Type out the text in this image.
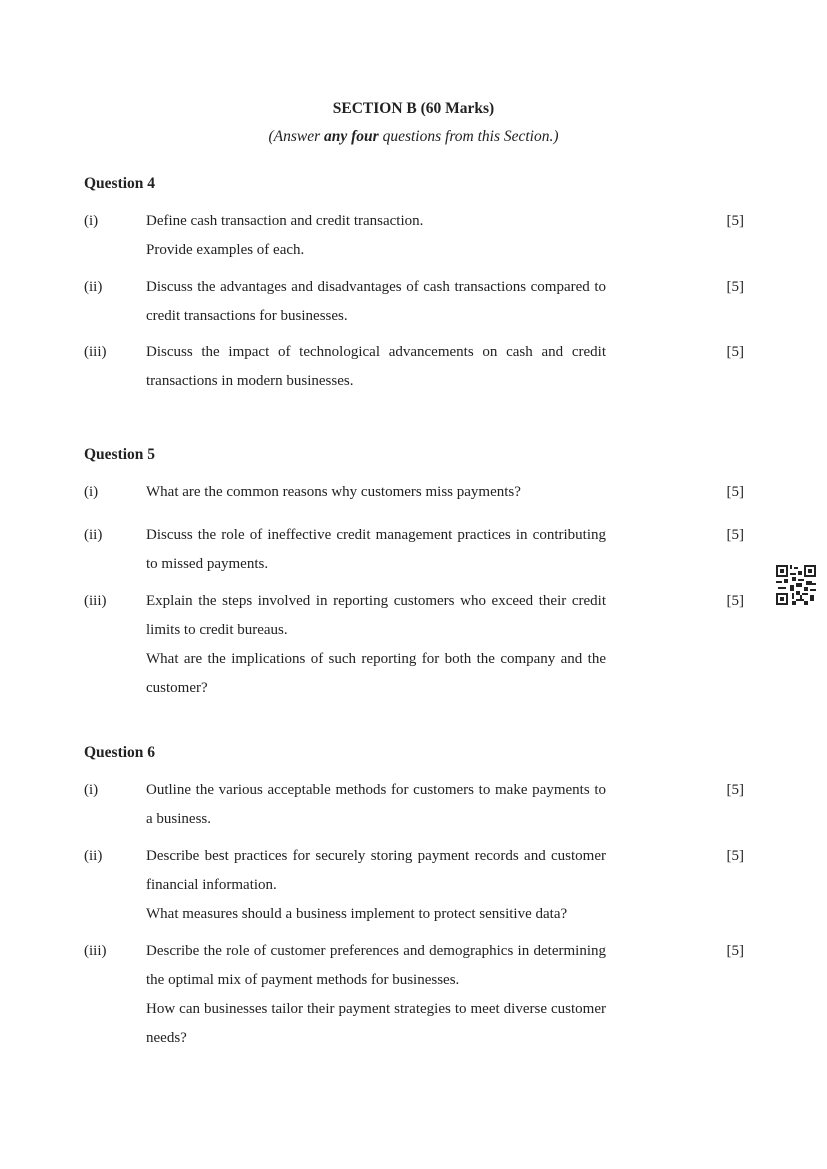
SECTION B (60 Marks)
(Answer any four questions from this Section.)
Question 4
(i)	Define cash transaction and credit transaction.
Provide examples of each.
[5]
(ii)	Discuss the advantages and disadvantages of cash transactions compared to credit transactions for businesses.
[5]
(iii)	Discuss the impact of technological advancements on cash and credit transactions in modern businesses.
[5]
Question 5
(i)	What are the common reasons why customers miss payments?	[5]
(ii)	Discuss the role of ineffective credit management practices in contributing to missed payments.
[5]
(iii)	Explain the steps involved in reporting customers who exceed their credit limits to credit bureaus.
What are the implications of such reporting for both the company and the customer?
[5]
Question 6
(i)	Outline the various acceptable methods for customers to make payments to a business.
[5]
(ii)	Describe best practices for securely storing payment records and customer financial information.
What measures should a business implement to protect sensitive data?
[5]
(iii)	Describe the role of customer preferences and demographics in determining the optimal mix of payment methods for businesses.
How can businesses tailor their payment strategies to meet diverse customer needs?
[5]
